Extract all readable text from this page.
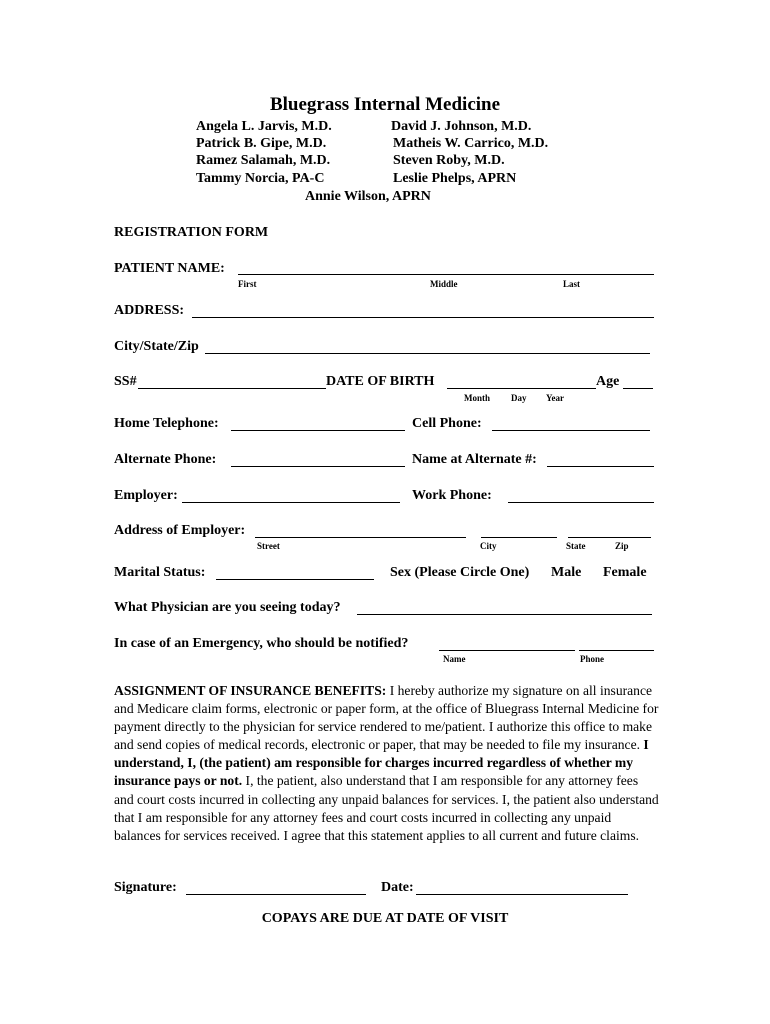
Bluegrass Internal Medicine
Angela L. Jarvis, M.D.
Patrick B. Gipe, M.D.
Ramez Salamah, M.D.
Tammy Norcia, PA-C
David J. Johnson, M.D.
Matheis W. Carrico, M.D.
Steven Roby, M.D.
Leslie Phelps, APRN
Annie Wilson, APRN
REGISTRATION FORM
PATIENT NAME:
First	Middle	Last
ADDRESS:
City/State/Zip
SS#	DATE OF BIRTH	Age
Month Day Year
Home Telephone:	Cell Phone:
Alternate Phone:	Name at Alternate #:
Employer:	Work Phone:
Address of Employer:
Street	City	State	Zip
Marital Status:	Sex (Please Circle One) Male Female
What Physician are you seeing today?
In case of an Emergency, who should be notified?
Name	Phone

ASSIGNMENT OF INSURANCE BENEFITS: I hereby authorize my signature on all insurance and Medicare claim forms, electronic or paper form, at the office of Bluegrass Internal Medicine for payment directly to the physician for service rendered to me/patient. I authorize this office to make and send copies of medical records, electronic or paper, that may be needed to file my insurance. I understand, I, (the patient) am responsible for charges incurred regardless of whether my insurance pays or not. I, the patient, also understand that I am responsible for any attorney fees and court costs incurred in collecting any unpaid balances for services. I, the patient also understand that I am responsible for any attorney fees and court costs incurred in collecting any unpaid balances for services received. I agree that this statement applies to all current and future claims.

Signature:	Date:
COPAYS ARE DUE AT DATE OF VISIT
